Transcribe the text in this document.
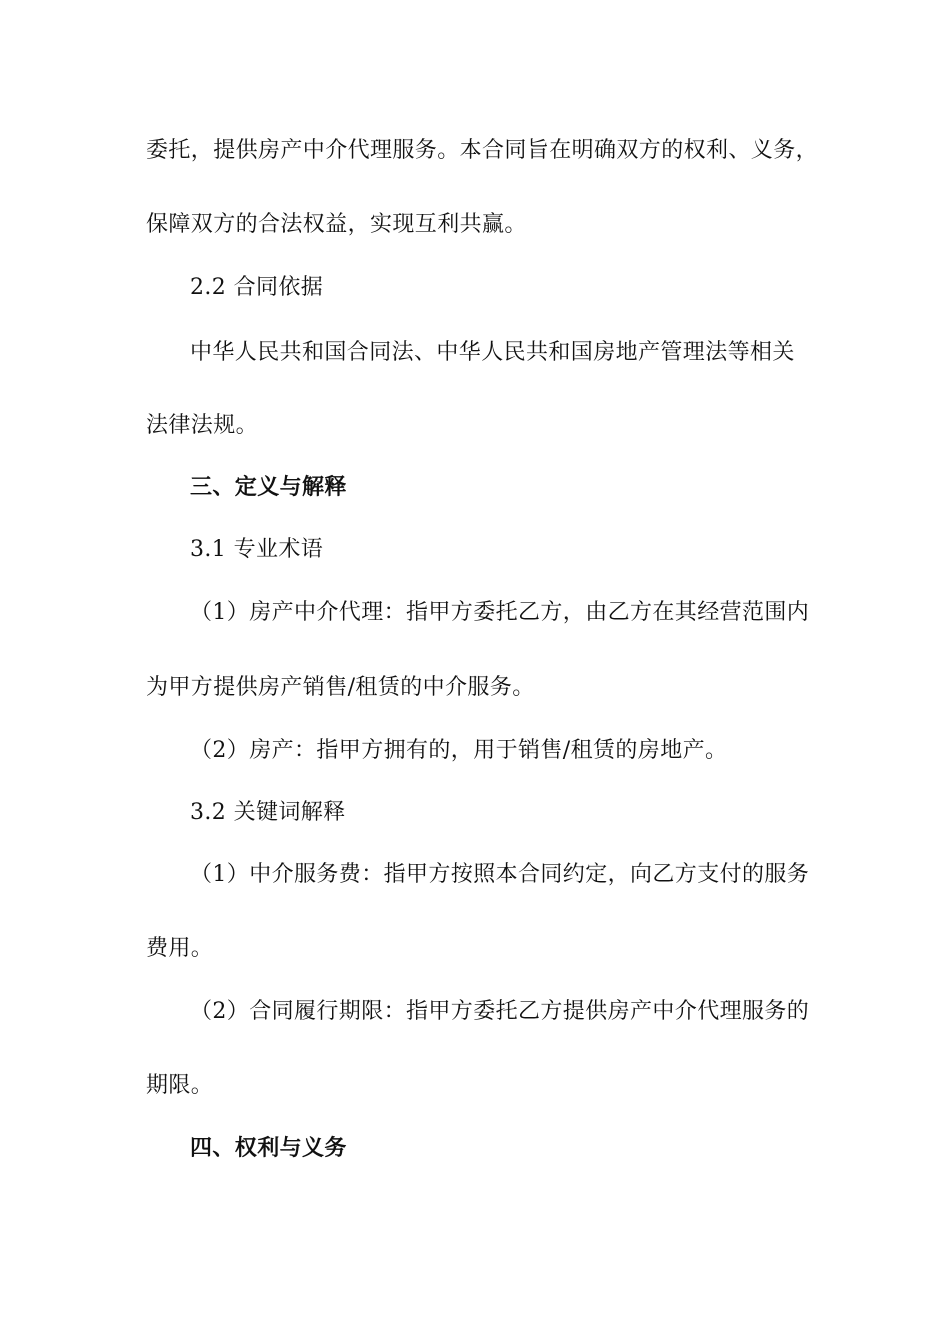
委托，提供房产中介代理服务。本合同旨在明确双方的权利、义务，
保障双方的合法权益，实现互利共赢。
2.2 合同依据
中华人民共和国合同法、中华人民共和国房地产管理法等相关
法律法规。
三、定义与解释
3.1 专业术语
（1）房产中介代理：指甲方委托乙方，由乙方在其经营范围内
为甲方提供房产销售/租赁的中介服务。
（2）房产：指甲方拥有的，用于销售/租赁的房地产。
3.2 关键词解释
（1）中介服务费：指甲方按照本合同约定，向乙方支付的服务
费用。
（2）合同履行期限：指甲方委托乙方提供房产中介代理服务的
期限。
四、权利与义务
